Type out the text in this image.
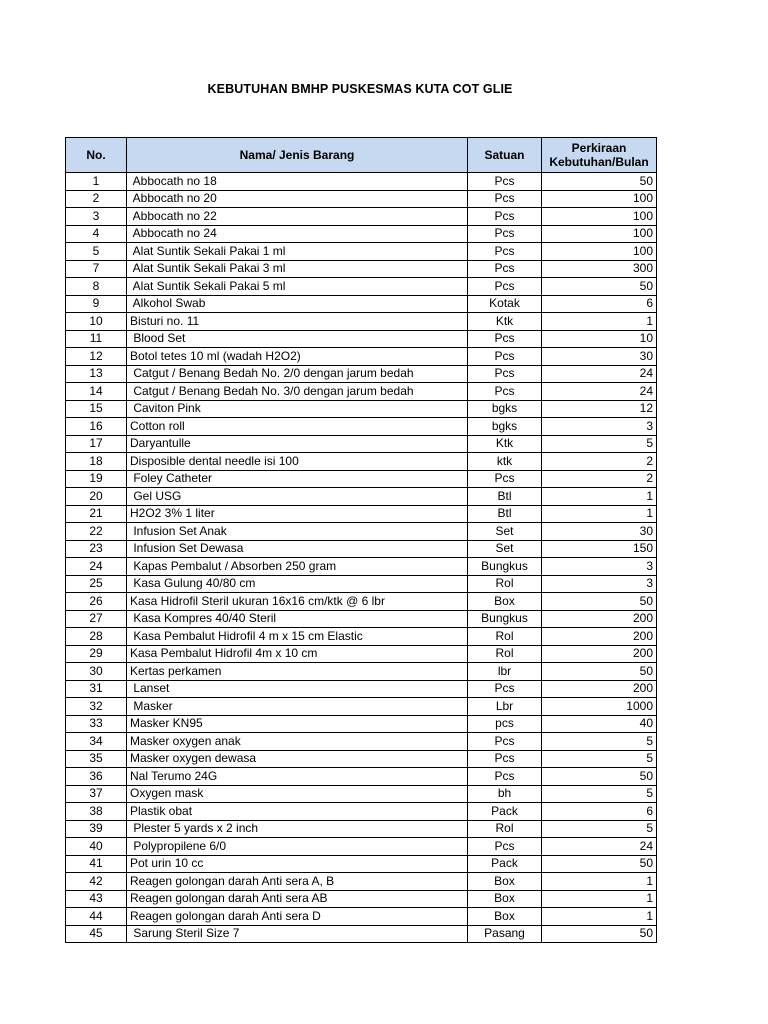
KEBUTUHAN BMHP PUSKESMAS KUTA COT GLIE
No.	Nama/ Jenis Barang	Satuan	Perkiraan
Kebutuhan/Bulan
1	Abbocath no 18	Pcs	50
2	Abbocath no 20	Pcs	100
3	Abbocath no 22	Pcs	100
4	Abbocath no 24	Pcs	100
5	Alat Suntik Sekali Pakai 1 ml	Pcs	100
7	Alat Suntik Sekali Pakai 3 ml	Pcs	300
8	Alat Suntik Sekali Pakai 5 ml	Pcs	50
9	Alkohol Swab	Kotak	6
10	Bisturi no. 11	Ktk	1
11	Blood Set	Pcs	10
12	Botol tetes 10 ml (wadah H2O2)	Pcs	30
13	Catgut / Benang Bedah No. 2/0 dengan jarum bedah	Pcs	24
14	Catgut / Benang Bedah No. 3/0 dengan jarum bedah	Pcs	24
15	Caviton Pink	bgks	12
16	Cotton roll	bgks	3
17	Daryantulle	Ktk	5
18	Disposible dental needle isi 100	ktk	2
19	Foley Catheter	Pcs	2
20	Gel USG	Btl	1
21	H2O2 3% 1 liter	Btl	1
22	Infusion Set Anak	Set	30
23	Infusion Set Dewasa	Set	150
24	Kapas Pembalut / Absorben 250 gram	Bungkus	3
25	Kasa Gulung 40/80 cm	Rol	3
26	Kasa Hidrofil Steril ukuran 16x16 cm/ktk @ 6 lbr	Box	50
27	Kasa Kompres 40/40 Steril	Bungkus	200
28	Kasa Pembalut Hidrofil 4 m x 15 cm Elastic	Rol	200
29	Kasa Pembalut Hidrofil 4m x 10 cm	Rol	200
30	Kertas perkamen	lbr	50
31	Lanset	Pcs	200
32	Masker	Lbr	1000
33	Masker KN95	pcs	40
34	Masker oxygen anak	Pcs	5
35	Masker oxygen dewasa	Pcs	5
36	Nal Terumo 24G	Pcs	50
37	Oxygen mask	bh	5
38	Plastik obat	Pack	6
39	Plester 5 yards x 2 inch	Rol	5
40	Polypropilene 6/0	Pcs	24
41	Pot urin 10 cc	Pack	50
42	Reagen golongan darah Anti sera A, B	Box	1
43	Reagen golongan darah Anti sera AB	Box	1
44	Reagen golongan darah Anti sera D	Box	1
45	Sarung Steril Size 7	Pasang	50
